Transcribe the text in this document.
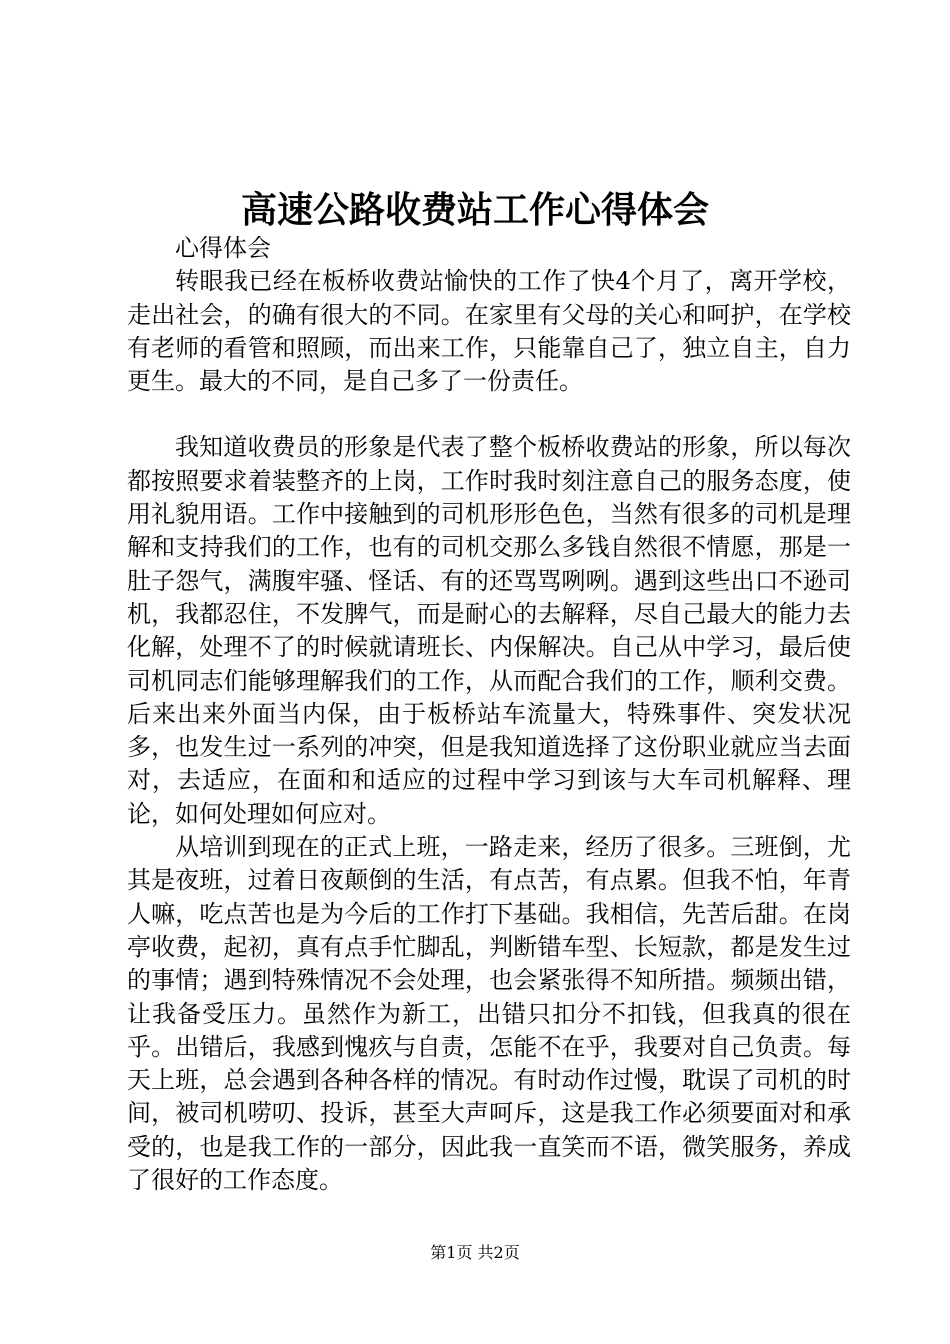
高速公路收费站工作心得体会

心得体会

转眼我已经在板桥收费站愉快的工作了快4个月了，离开学校，走出社会，的确有很大的不同。在家里有父母的关心和呵护，在学校有老师的看管和照顾，而出来工作，只能靠自己了，独立自主，自力更生。最大的不同，是自己多了一份责任。

我知道收费员的形象是代表了整个板桥收费站的形象，所以每次都按照要求着装整齐的上岗，工作时我时刻注意自己的服务态度，使用礼貌用语。工作中接触到的司机形形色色，当然有很多的司机是理解和支持我们的工作，也有的司机交那么多钱自然很不情愿，那是一肚子怨气，满腹牢骚、怪话、有的还骂骂咧咧。遇到这些出口不逊司机，我都忍住，不发脾气，而是耐心的去解释，尽自己最大的能力去化解，处理不了的时候就请班长、内保解决。自己从中学习，最后使司机同志们能够理解我们的工作，从而配合我们的工作，顺利交费。后来出来外面当内保，由于板桥站车流量大，特殊事件、突发状况多，也发生过一系列的冲突，但是我知道选择了这份职业就应当去面对，去适应，在面和和适应的过程中学习到该与大车司机解释、理论，如何处理如何应对。

从培训到现在的正式上班，一路走来，经历了很多。三班倒，尤其是夜班，过着日夜颠倒的生活，有点苦，有点累。但我不怕，年青人嘛，吃点苦也是为今后的工作打下基础。我相信，先苦后甜。在岗亭收费，起初，真有点手忙脚乱，判断错车型、长短款，都是发生过的事情；遇到特殊情况不会处理，也会紧张得不知所措。频频出错，让我备受压力。虽然作为新工，出错只扣分不扣钱，但我真的很在乎。出错后，我感到愧疚与自责，怎能不在乎，我要对自己负责。每天上班，总会遇到各种各样的情况。有时动作过慢，耽误了司机的时间，被司机唠叨、投诉，甚至大声呵斥，这是我工作必须要面对和承受的，也是我工作的一部分，因此我一直笑而不语，微笑服务，养成了很好的工作态度。

第1页 共2页
